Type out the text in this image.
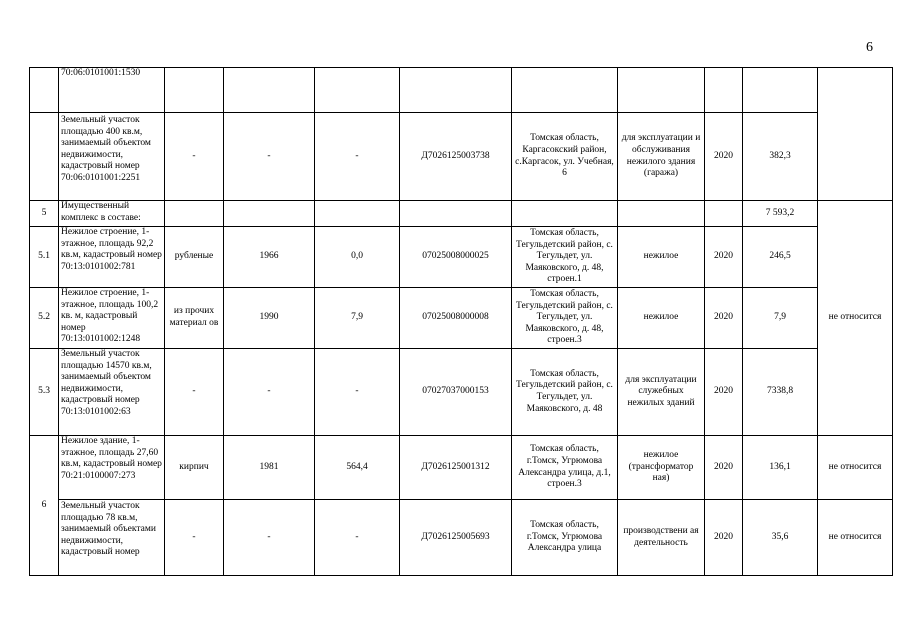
6
	70:06:0101001:1530									
	Земельный участок площадью 400 кв.м, занимаемый объектом недвижимости, кадастровый номер 70:06:0101001:2251	-	-	-	Д7026125003738	Томская область, Каргасокский район, с.Каргасок, ул. Учебная, 6	для эксплуатации и обслуживания нежилого здания (гаража)	2020	382,3	
5	Имущественный комплекс в составе:								7 593,2	не относится
5.1	Нежилое строение, 1-этажное, площадь 92,2 кв.м, кадастровый номер 70:13:0101002:781	рубленые	1966	0,0	07025008000025	Томская область, Тегульдетский район, с. Тегульдет, ул. Маяковского, д. 48, строен.1	нежилое	2020	246,5	
5.2	Нежилое строение, 1-этажное, площадь 100,2 кв. м, кадастровый номер 70:13:0101002:1248	из прочих материал ов	1990	7,9	07025008000008	Томская область, Тегульдетский район, с. Тегульдет, ул. Маяковского, д. 48, строен.3	нежилое	2020	7,9	
5.3	Земельный участок площадью 14570 кв.м, занимаемый объектом недвижимости, кадастровый номер 70:13:0101002:63	-	-	-	07027037000153	Томская область, Тегульдетский район, с. Тегульдет, ул. Маяковского, д. 48	для эксплуатации служебных нежилых зданий	2020	7338,8	
6	Нежилое здание, 1-этажное, площадь 27,60 кв.м, кадастровый номер 70:21:0100007:273	кирпич	1981	564,4	Д7026125001312	Томская область, г.Томск, Угрюмова Александра улица, д.1, строен.3	нежилое (трансформатор ная)	2020	136,1	не относится
	Земельный участок площадью 78 кв.м, занимаемый объектами недвижимости, кадастровый номер	-	-	-	Д7026125005693	Томская область, г.Томск, Угрюмова Александра улица	производствени ая деятельность	2020	35,6	не относится
